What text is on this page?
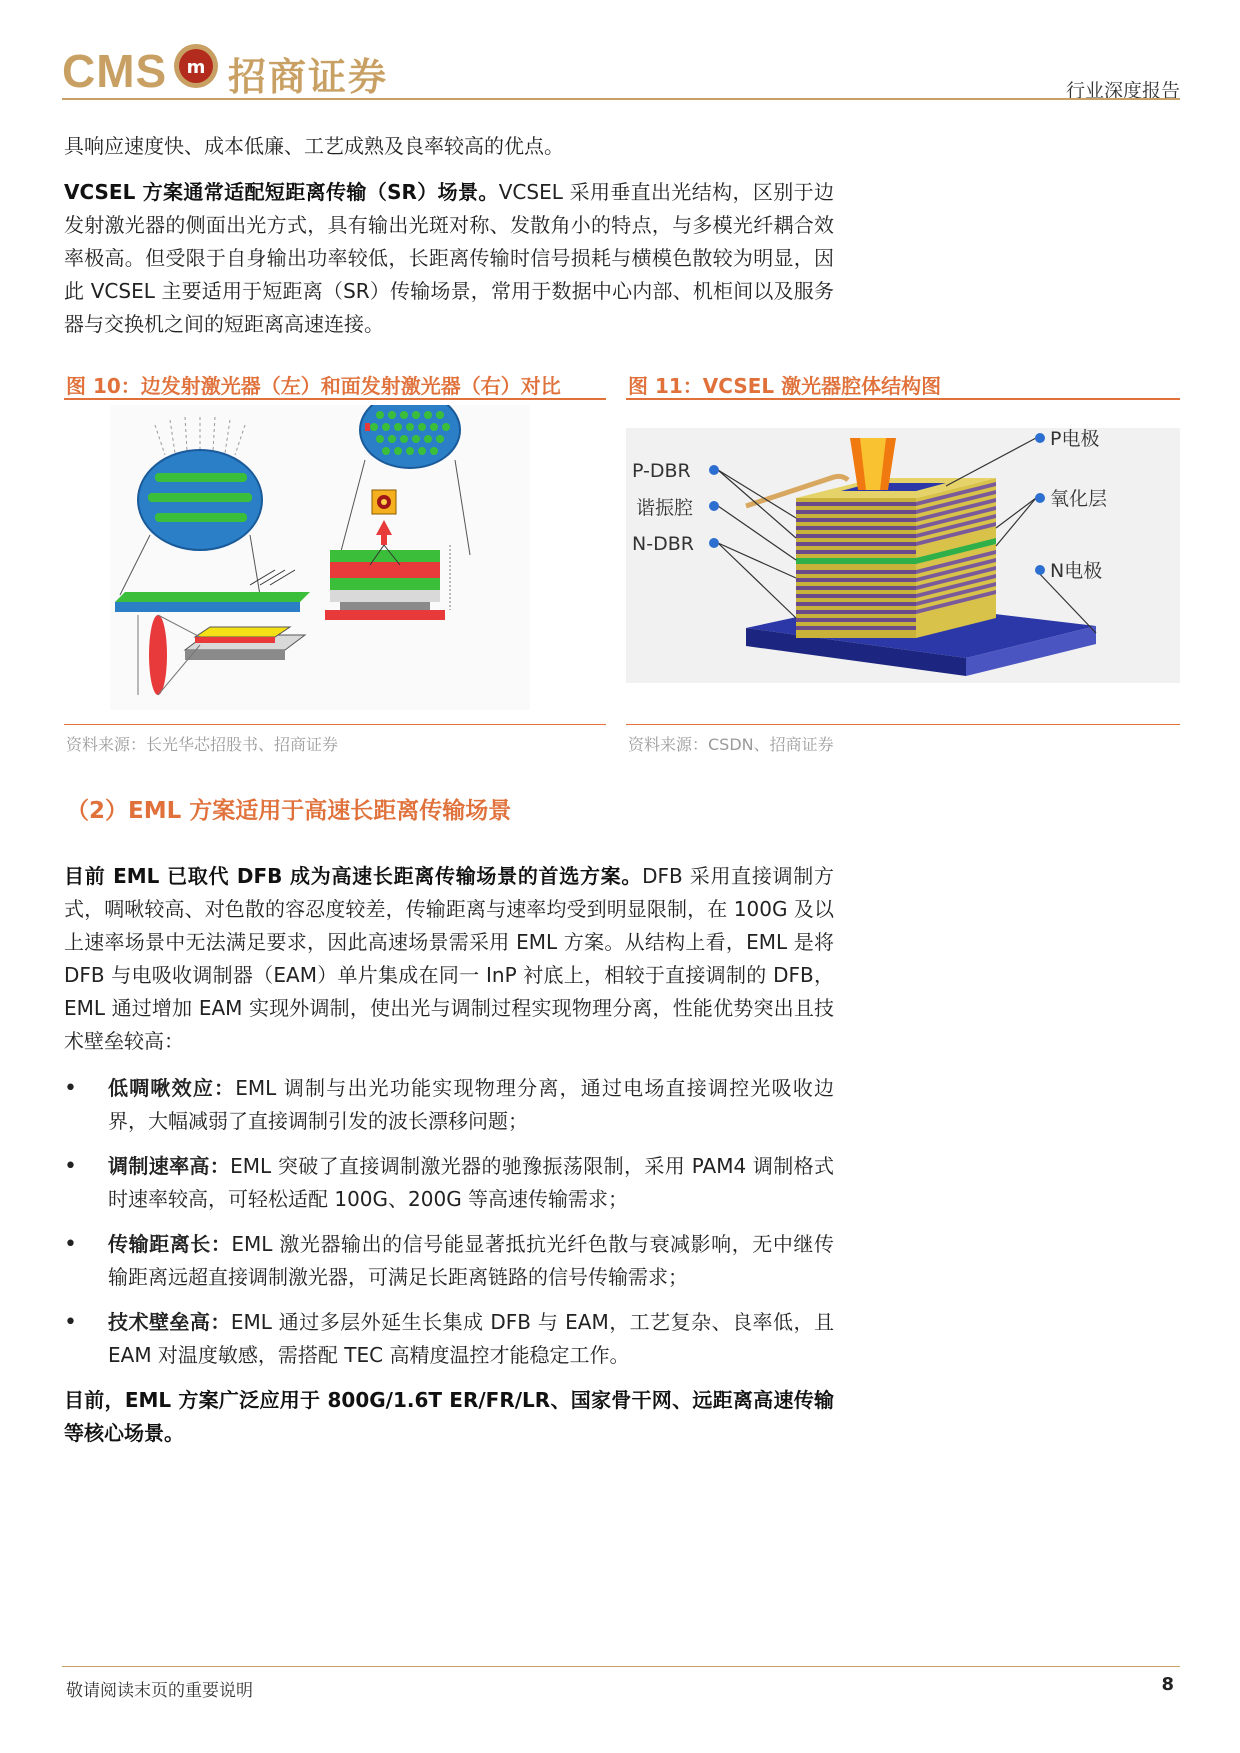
CMS m 招商证券	行业深度报告
具响应速度快、成本低廉、工艺成熟及良率较高的优点。
VCSEL 方案通常适配短距离传输（SR）场景。VCSEL 采用垂直出光结构，区别于边发射激光器的侧面出光方式，具有输出光斑对称、发散角小的特点，与多模光纤耦合效率极高。但受限于自身输出功率较低，长距离传输时信号损耗与横模色散较为明显，因此 VCSEL 主要适用于短距离（SR）传输场景，常用于数据中心内部、机柜间以及服务器与交换机之间的短距离高速连接。
图 10：边发射激光器（左）和面发射激光器（右）对比
资料来源：长光华芯招股书、招商证券
图 11：VCSEL 激光器腔体结构图
P-DBR
谐振腔
N-DBR
P电极
氧化层
N电极
资料来源：CSDN、招商证券
（2）EML 方案适用于高速长距离传输场景
目前 EML 已取代 DFB 成为高速长距离传输场景的首选方案。DFB 采用直接调制方式，啁啾较高、对色散的容忍度较差，传输距离与速率均受到明显限制，在 100G 及以上速率场景中无法满足要求，因此高速场景需采用 EML 方案。从结构上看，EML 是将 DFB 与电吸收调制器（EAM）单片集成在同一 InP 衬底上，相较于直接调制的 DFB，EML 通过增加 EAM 实现外调制，使出光与调制过程实现物理分离，性能优势突出且技术壁垒较高：
• 低啁啾效应：EML 调制与出光功能实现物理分离，通过电场直接调控光吸收边界，大幅减弱了直接调制引发的波长漂移问题；
• 调制速率高：EML 突破了直接调制激光器的驰豫振荡限制，采用 PAM4 调制格式时速率较高，可轻松适配 100G、200G 等高速传输需求；
• 传输距离长：EML 激光器输出的信号能显著抵抗光纤色散与衰减影响，无中继传输距离远超直接调制激光器，可满足长距离链路的信号传输需求；
• 技术壁垒高：EML 通过多层外延生长集成 DFB 与 EAM，工艺复杂、良率低，且 EAM 对温度敏感，需搭配 TEC 高精度温控才能稳定工作。
目前，EML 方案广泛应用于 800G/1.6T ER/FR/LR、国家骨干网、远距离高速传输等核心场景。
敬请阅读末页的重要说明	8
